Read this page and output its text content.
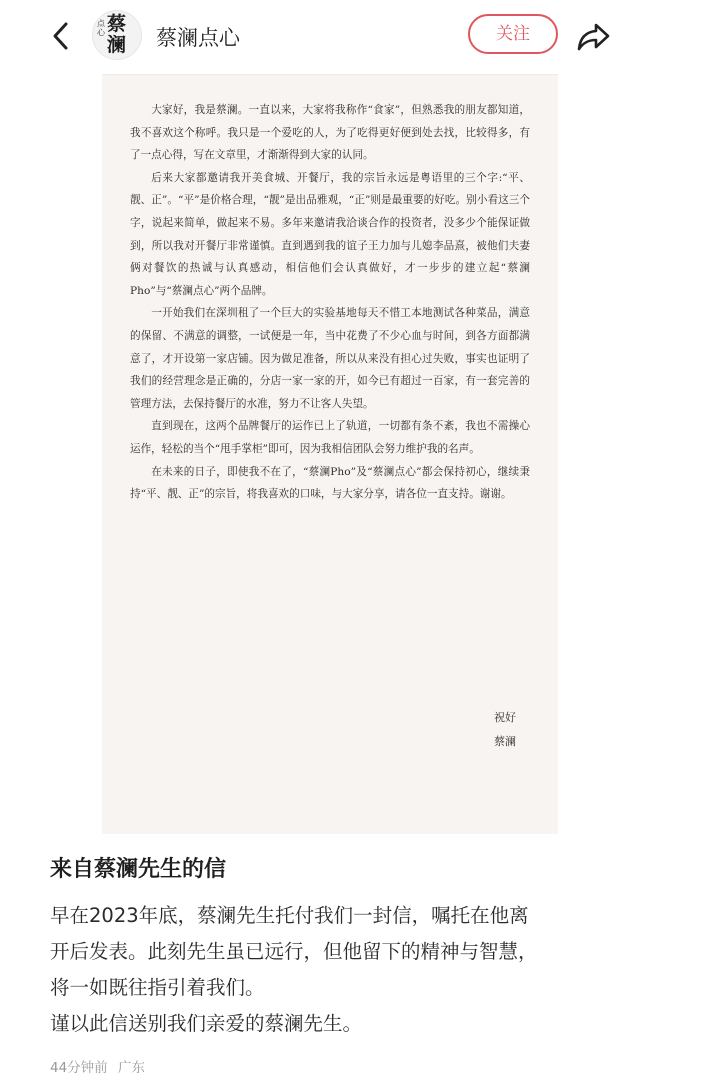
点心 蔡
澜 蔡澜点心	关注

大家好，我是蔡澜。一直以来，大家将我称作“食家”，但熟悉我的朋友都知道，我不喜欢这个称呼。我只是一个爱吃的人，为了吃得更好便到处去找，比较得多，有了一点心得，写在文章里，才渐渐得到大家的认同。

后来大家都邀请我开美食城、开餐厅，我的宗旨永远是粤语里的三个字:“平、靓、正”。“平”是价格合理，“靓”是出品雅观，“正”则是最重要的好吃。别小看这三个字，说起来简单，做起来不易。多年来邀请我洽谈合作的投资者，没多少个能保证做到，所以我对开餐厅非常谨慎。直到遇到我的谊子王力加与儿媳李品熹，被他们夫妻俩对餐饮的热诚与认真感动，相信他们会认真做好，才一步步的建立起“蔡澜Pho”与“蔡澜点心”两个品牌。

一开始我们在深圳租了一个巨大的实验基地每天不惜工本地测试各种菜品，满意的保留、不满意的调整，一试便是一年，当中花费了不少心血与时间，到各方面都满意了，才开设第一家店铺。因为做足准备，所以从来没有担心过失败，事实也证明了我们的经营理念是正确的，分店一家一家的开，如今已有超过一百家，有一套完善的管理方法，去保持餐厅的水准，努力不让客人失望。

直到现在，这两个品牌餐厅的运作已上了轨道，一切都有条不紊，我也不需操心运作，轻松的当个“甩手掌柜”即可，因为我相信团队会努力维护我的名声。

在未来的日子，即使我不在了，“蔡澜Pho”及“蔡澜点心”都会保持初心，继续秉持“平、靓、正”的宗旨，将我喜欢的口味，与大家分享，请各位一直支持。谢谢。

祝好
蔡澜
来自蔡澜先生的信
早在2023年底，蔡澜先生托付我们一封信，嘱托在他离
开后发表。此刻先生虽已远行，但他留下的精神与智慧，
将一如既往指引着我们。
谨以此信送别我们亲爱的蔡澜先生。
44分钟前 广东
